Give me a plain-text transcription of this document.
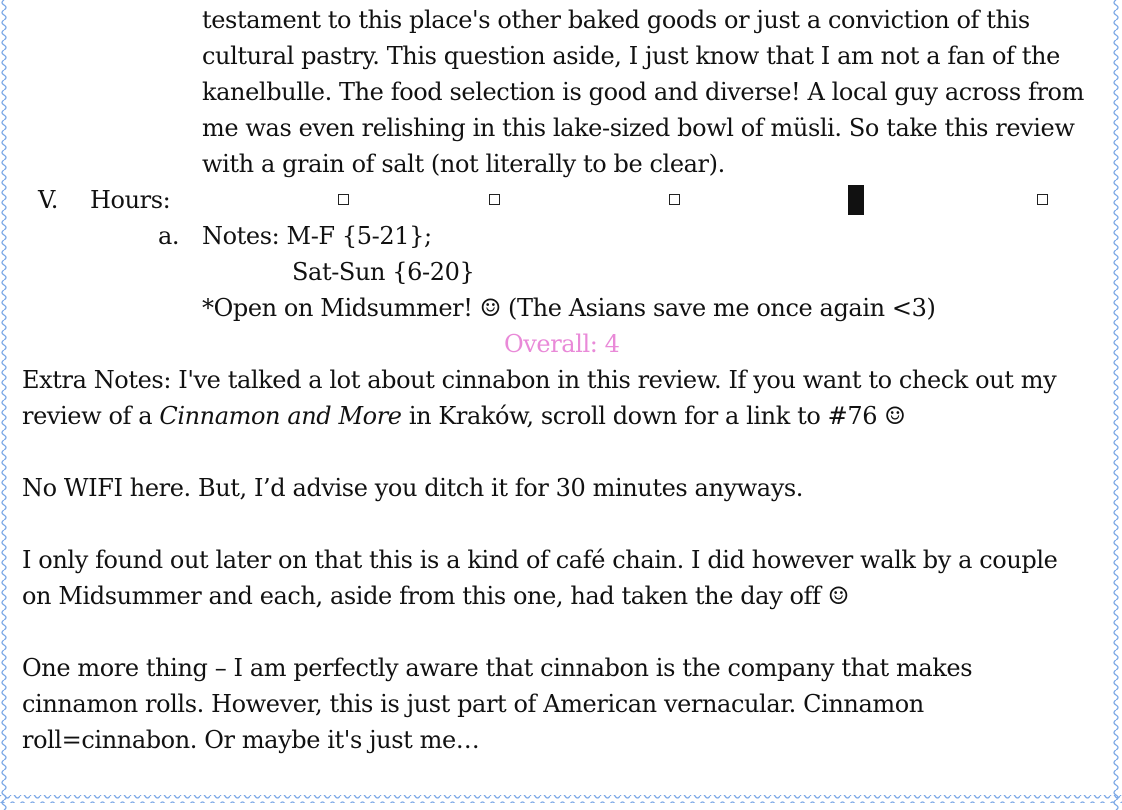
testament to this place's other baked goods or just a conviction of this
cultural pastry. This question aside, I just know that I am not a fan of the
kanelbulle. The food selection is good and diverse! A local guy across from
me was even relishing in this lake-sized bowl of müsli. So take this review
with a grain of salt (not literally to be clear).
V. Hours:
a. Notes: M-F {5-21};
Sat-Sun {6-20}
*Open on Midsummer! ☺ (The Asians save me once again <3)
Overall: 4
Extra Notes: I've talked a lot about cinnabon in this review. If you want to check out my
review of a Cinnamon and More in Kraków, scroll down for a link to #76 ☺
No WIFI here. But, I’d advise you ditch it for 30 minutes anyways.
I only found out later on that this is a kind of café chain. I did however walk by a couple
on Midsummer and each, aside from this one, had taken the day off ☺
One more thing – I am perfectly aware that cinnabon is the company that makes
cinnamon rolls. However, this is just part of American vernacular. Cinnamon
roll=cinnabon. Or maybe it's just me…
